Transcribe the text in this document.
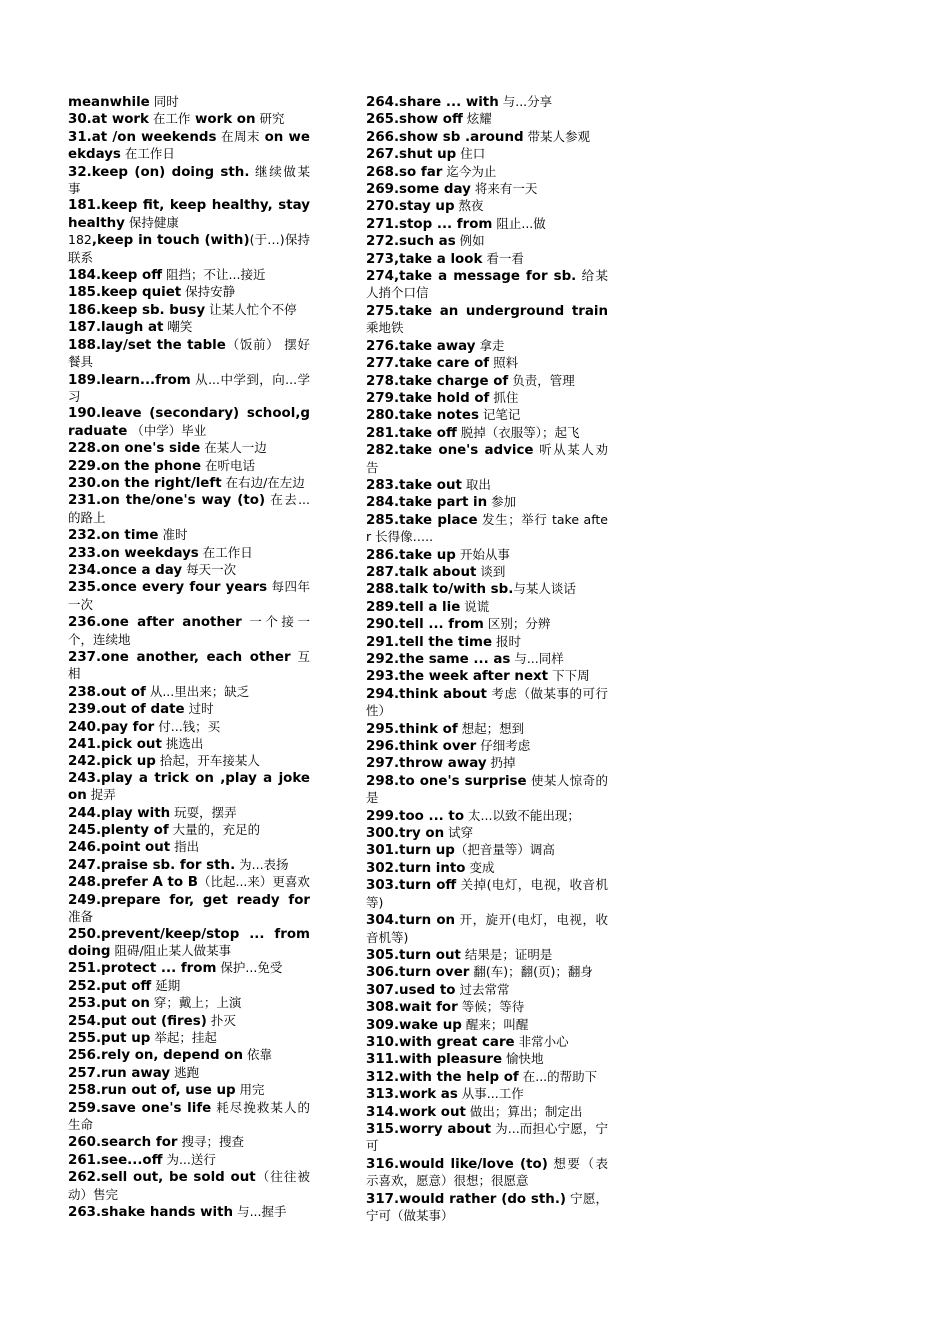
meanwhile 同时

30.at work 在工作 work on 研究

31.at /on weekends 在周末 on weekdays 在工作日

32.keep (on) doing sth. 继续做某事

181.keep fit, keep healthy, stay healthy 保持健康

182,keep in touch (with)(于…)保持联系

184.keep off 阻挡；不让...接近

185.keep quiet 保持安静

186.keep sb. busy 让某人忙个不停

187.laugh at 嘲笑

188.lay/set the table（饭前） 摆好餐具

189.learn...from 从...中学到，向...学习

190.leave (secondary) school,graduate （中学）毕业

228.on one's side 在某人一边

229.on the phone 在听电话

230.on the right/left 在右边/在左边

231.on the/one's way (to) 在去...的路上

232.on time 准时

233.on weekdays 在工作日

234.once a day 每天一次

235.once every four years 每四年一次

236.one after another 一个接一个，连续地

237.one another, each other 互相

238.out of 从...里出来；缺乏

239.out of date 过时

240.pay for 付...钱；买

241.pick out 挑选出

242.pick up 拾起，开车接某人

243.play a trick on ,play a joke on 捉弄

244.play with 玩耍，摆弄

245.plenty of 大量的，充足的

246.point out 指出

247.praise sb. for sth. 为...表扬

248.prefer A to B（比起...来）更喜欢

249.prepare for, get ready for 准备

250.prevent/keep/stop ... from doing 阻碍/阻止某人做某事

251.protect ... from 保护...免受

252.put off 延期

253.put on 穿；戴上；上演

254.put out (fires) 扑灭

255.put up 举起；挂起

256.rely on, depend on 依靠

257.run away 逃跑

258.run out of, use up 用完

259.save one's life 耗尽挽救某人的生命

260.search for 搜寻；搜查

261.see...off 为...送行

262.sell out, be sold out（往往被动）售完

263.shake hands with 与...握手

264.share ... with 与...分享

265.show off 炫耀

266.show sb .around 带某人参观

267.shut up 住口

268.so far 迄今为止

269.some day 将来有一天

270.stay up 熬夜

271.stop ... from 阻止...做

272.such as 例如

273,take a look 看一看

274,take a message for sb. 给某人捎个口信

275.take an underground train 乘地铁

276.take away 拿走

277.take care of 照料

278.take charge of 负责，管理

279.take hold of 抓住

280.take notes 记笔记

281.take off 脱掉（衣服等）；起飞

282.take one's advice 听从某人劝告

283.take out 取出

284.take part in 参加

285.take place 发生；举行 take after 长得像…..

286.take up 开始从事

287.talk about 谈到

288.talk to/with sb.与某人谈话

289.tell a lie 说谎

290.tell ... from 区别；分辨

291.tell the time 报时

292.the same ... as 与...同样

293.the week after next 下下周

294.think about 考虑（做某事的可行性）

295.think of 想起；想到

296.think over 仔细考虑

297.throw away 扔掉

298.to one's surprise 使某人惊奇的是

299.too ... to 太...以致不能出现；

300.try on 试穿

301.turn up（把音量等）调高

302.turn into 变成

303.turn off 关掉(电灯，电视，收音机等)

304.turn on 开，旋开(电灯，电视，收音机等)

305.turn out 结果是；证明是

306.turn over 翻(车)；翻(页)；翻身

307.used to 过去常常

308.wait for 等候；等待

309.wake up 醒来；叫醒

310.with great care 非常小心

311.with pleasure 愉快地

312.with the help of 在...的帮助下

313.work as 从事...工作

314.work out 做出；算出；制定出

315.worry about 为...而担心宁愿，宁可

316.would like/love (to) 想要（表示喜欢，愿意）很想；很愿意

317.would rather (do sth.) 宁愿，宁可（做某事）
